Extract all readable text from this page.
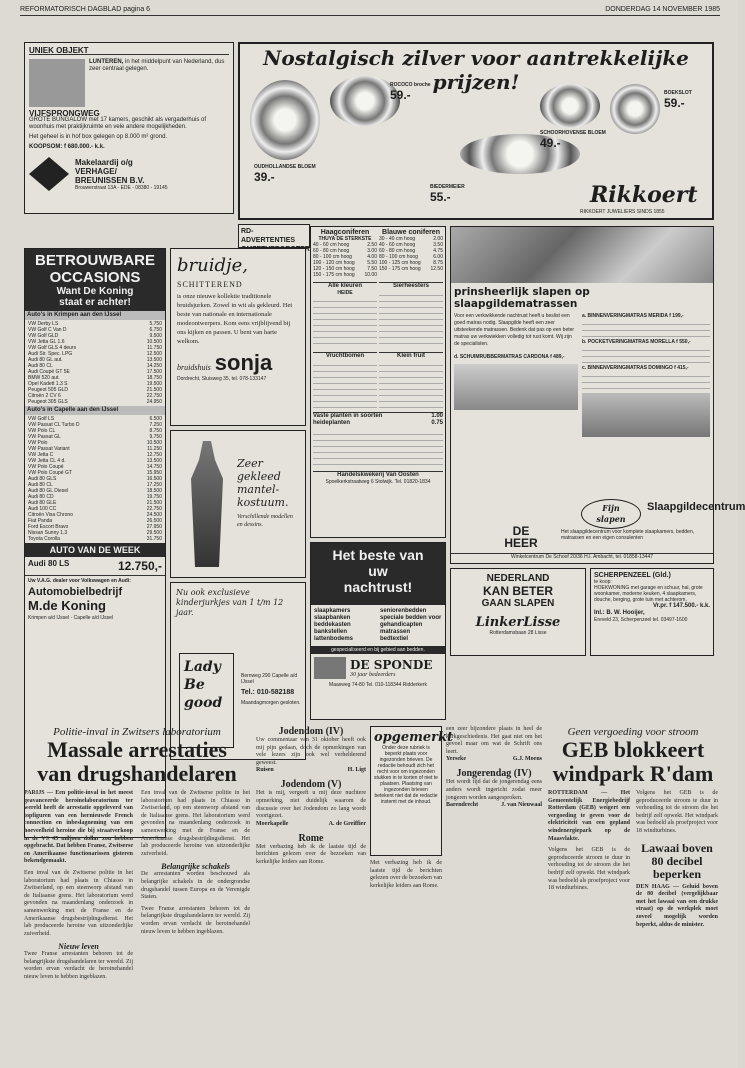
REFORMATORISCH DAGBLAD pagina 6	DONDERDAG 14 NOVEMBER 1985
UNIEK OBJEKT
LUNTEREN, in het middelpunt van Nederland, dus zeer centraal gelegen.
VIJFSPRONGWEG
GROTE BUNGALOW met 17 kamers, geschikt als vergaderhuis of woonhuis met praktijkruimte en vele andere mogelijkheden.
Het geheel is in hof box gelegen op 8.000 m² grond.
KOOPSOM: f 680.000.- k.k.
Makelaardij o/g
VERHAGE/
BREUNISSEN B.V.
Brouwerstraat 13A - EDE - 08380 - 19145
Nostalgisch zilver voor aantrekkelijke prijzen!
ROCOCO broche
59.-
OUDHOLLANDSE BLOEM
39.-
SCHOORHOVENSE BLOEM
49.-
BIEDERMEIER
55.-
BOEKSLOT
59.-
Rikkoert
RIKKOERT JUWELIERS SINDS 1855
RD-ADVERTENTIES
BETROUWBARE
OCCASIONS
Want De Koning
staat er achter!
Auto's in Krimpen aan den IJssel
VW Derby LS	5.750
VW Golf C Van D	6.750
VW Golf GLD	9.500
VW Jetta GL 1.6	10.500
VW Golf GLS 4 deurs	11.750
Audi Sir. Spec. LPG	12.500
Audi 80 GL aut.	13.500
Audi 80 CL	14.250
Audi Coupé GT 5E	17.500
BMW 520 aut.	18.750
Opel Kadett 1.3 S	19.500
Peugeot 505 GLD	21.500
Citroën 2 CV 6	22.750
Peugeot 305 GLS	24.950
Auto's in Capelle aan den IJssel
VW Golf LS	6.500
VW Passat CL Turbo D	7.250
VW Polo CL	8.750
VW Passat GL	9.750
VW Polo	10.500
VW Passat Variant	11.250
VW Jetta C	12.750
VW Jetta CL 4 d.	13.500
VW Polo Coupé	14.750
VW Polo Coupé GT	15.950
Audi 80 GLS	16.500
Audi 80 CL	17.250
Audi 80 GL Diesel	18.500
Audi 80 CD	19.750
Audi 80 GLE	21.500
Audi 100 CC	22.750
Citroën Visa Chrono	24.500
Fiat Panda	26.500
Ford Escort Bravo	27.950
Nissan Sunny 1.3	29.500
Toyota Corolla	31.750
AUTO VAN DE WEEK
Audi 80 LS	12.750,-
Uw V.A.G. dealer voor Volkswagen en Audi:
Automobielbedrijf
M.de Koning
Krimpen a/d IJssel · Capelle a/d IJssel
bruidje,
SCHITTEREND
is onze nieuwe kollektie traditionele bruidsjurken. Zowel in wit als gekleurd. Het beste van nationale en internationale modeontwerpers. Kom eens vrijblijvend bij ons kijken en passen. U bent van harte welkom.
bruidshuis sonja
Dordrecht, Sluisweg 35, tel. 078-133147
Zeer
gekleed
mantel-
kostuum.
Verschillende modellen en dessins.
Nu ook exclusieve kinderjurkjes van 1 t/m 12 jaar.
Lady
Be good
Bernweg 290 Capelle a/d IJssel
Tel.: 010-582188
Maandagmorgen gesloten.
Haagconiferen
THUYA DE STERKSTE
40 - 60 cm hoog	2.50
60 - 80 cm hoog	3.00
80 - 100 cm hoog	4.00
100 - 120 cm hoog	5.50
120 - 150 cm hoog	7.50
150 - 175 cm hoog 10.00
Blauwe coniferen
30 - 40 cm hoog	2.00
40 - 60 cm hoog	3.50
60 - 80 cm hoog	4.75
80 - 100 cm hoog	6.00
100 - 125 cm hoog	8.75
150 - 175 cm hoog 12.50
Alle kleuren
HEIDE
Sierheesters
Vruchtbomen	Klein fruit
Vaste planten in soorten	1.00
heideplanten	0.75
Handelskwekerij Van Oosten
Spoelkerkstraatweg 6 Stolwijk. Tel. 01820-1834
prinsheerlijk slapen op slaapgildematrassen
Voor een verkwikkende nachtrust heeft u beslist een goed matras nodig. Slaapgilde heeft een zeer uitsteekende matrassen. Bedenk dat pas op een beter matras uw verkwiekken volledig tot rust komt. Wij zijn de specialisten.
d. SCHUIMRUBBERMATRAS CARDONA f 489,-
a. BINNENVERINGMATRAS MERIDA f 199,-
b. POCKETVERINGMATRAS MORELLA f 550,-
c. BINNENVERINGMATRAS DOMINGO f 415,-
Fijn
slapen
Slaapgildecentrum
DE
HEER
Het slaapgildecentrum voor komplete slaapkamers, bedden, matrassen en een eigen consulenten
Winkelcentrum De Schoof 20/36 H.I. Ambacht, tel. 01858-13447
Het beste van
uw
nachtrust!
slaapkamers
slaapbanken
beddekasten
bankstellen
lattenbodems
seniorenbedden
speciale bedden voor
gehandicapten
matrassen
bedtextiel
gespecialiseerd en bij gebied aan bedden.
DE SPONDE
30 jaar bedeerders
Maasweg 74-80 Tel. 010-118344 Ridderkerk
NEDERLAND
KAN BETER
GAAN SLAPEN
LinkerLisse
Rotterdamsbaan 28 Lisse
SCHERPENZEEL (Gld.)
te koop:
HOEKWONING met garage en schuur, hal, grote woonkamer, moderne keuken, 4 slaapkamers, douche, berging, grote tuin met achterom.
Vr.pr. f 147.500.- k.k.
Inl.: B. W. Hooijer,
Ereveld 23, Scherpenzeel tel. 03497-1600
Politie-inval in Zwitsers laboratorium
Massale arrestaties
van drugshandelaren
PARIJS — Een politie-inval in het meest geavanceerde heroinelaboratorium ter wereld heeft de arrestatie opgeleverd van topfiguren van een hernieuwde French connection en inbeslagneming van een hoeveelheid heroine die bij straatverkoop in de VS 45 miljoen dollar zou hebben opgebracht. Dat hebben Franse, Zwitserse en Amerikaanse functionarissen gisteren bekendgemaakt.
Een inval van de Zwitserse politie in het laboratorium had plaats in Chiasso in Zwitserland, op een steenworp afstand van de Italiaanse grens. Het laboratorium werd gevonden na maandenlang onderzoek in samenwerking met de Franse en de Amerikaanse drugsbestrijdingsdienst. Het lab produceerde heroine van uitzonderlijke zuiverheid.
Nieuw leven
Twee Franse arrestanten behoren tot de belangrijkste drugshandelaren ter wereld. Zij worden ervan verdacht de heroinehandel nieuw leven te hebben ingeblazen.
Een inval van de Zwitserse politie in het laboratorium had plaats in Chiasso in Zwitserland, op een steenworp afstand van de Italiaanse grens. Het laboratorium werd gevonden na maandenlang onderzoek in samenwerking met de Franse en de Amerikaanse drugsbestrijdingsdienst. Het lab produceerde heroine van uitzonderlijke zuiverheid.
Belangrijke schakels
De arrestanten worden beschouwd als belangrijke schakels in de ondergrondse drugshandel tussen Europa en de Verenigde Staten.
Twee Franse arrestanten behoren tot de belangrijkste drugshandelaren ter wereld. Zij worden ervan verdacht de heroinehandel nieuw leven te hebben ingeblazen.
Jodendom (IV)
Uw commentaar van 31 oktober heeft ook mij pijn gedaan, doch de opmerkingen van vele lezers zijn ook wel verhelderend geweest.
Ruisen	H. Ligt
Jodendom (V)
Het is mij, vergeeft u mij deze nuchtere opmerking, niet duidelijk waarom de discussie over het Jodendom zo lang wordt voortgezet.
Moerkapelle	A. de Greiffier
Rome
Met verbazing heb ik de laatste tijd de berichten gelezen over de bezoeken van kerkelijke leiders aan Rome.
opgemerkt
Onder deze rubriek is beperkt plaats voor ingezonden brieven. De redactie behoudt zich het recht voor om ingezonden stukken in te korten of niet te plaatsen. Plaatsing van ingezonden brieven betekent niet dat de redactie instemt met de inhoud.
Met verbazing heb ik de laatste tijd de berichten gelezen over de bezoeken van kerkelijke leiders aan Rome.
een zeer bijzondere plaats in heel de kerkgeschiedenis. Het gaat niet om het gevoel maar om wat de Schrift ons leert.
Yerseke	G.J. Moens
Jongerendag (IV)
Het wordt tijd dat de jongerendag eens anders wordt ingericht zodat meer jongeren worden aangesproken.
Barendrecht	J. van Nieuwaal
Geen vergoeding voor stroom
GEB blokkeert
windpark R'dam
ROTTERDAM — Het Gemeentelijk Energiebedrijf Rotterdam (GEB) weigert een vergoeding te geven voor de elektriciteit van een gepland windenergiepark op de Maasvlakte.
Volgens het GEB is de geproduceerde stroom te duur in verhouding tot de stroom die het bedrijf zelf opwekt. Het windpark was bedoeld als proefproject voor 18 windturbines.
Volgens het GEB is de geproduceerde stroom te duur in verhouding tot de stroom die het bedrijf zelf opwekt. Het windpark was bedoeld als proefproject voor 18 windturbines.
Lawaai boven
80 decibel
beperken
DEN HAAG — Geluid boven de 80 decibel (vergelijkbaar met het lawaai van een drukke straat) op de werkplek moet zoveel mogelijk worden beperkt, aldus de minister.
